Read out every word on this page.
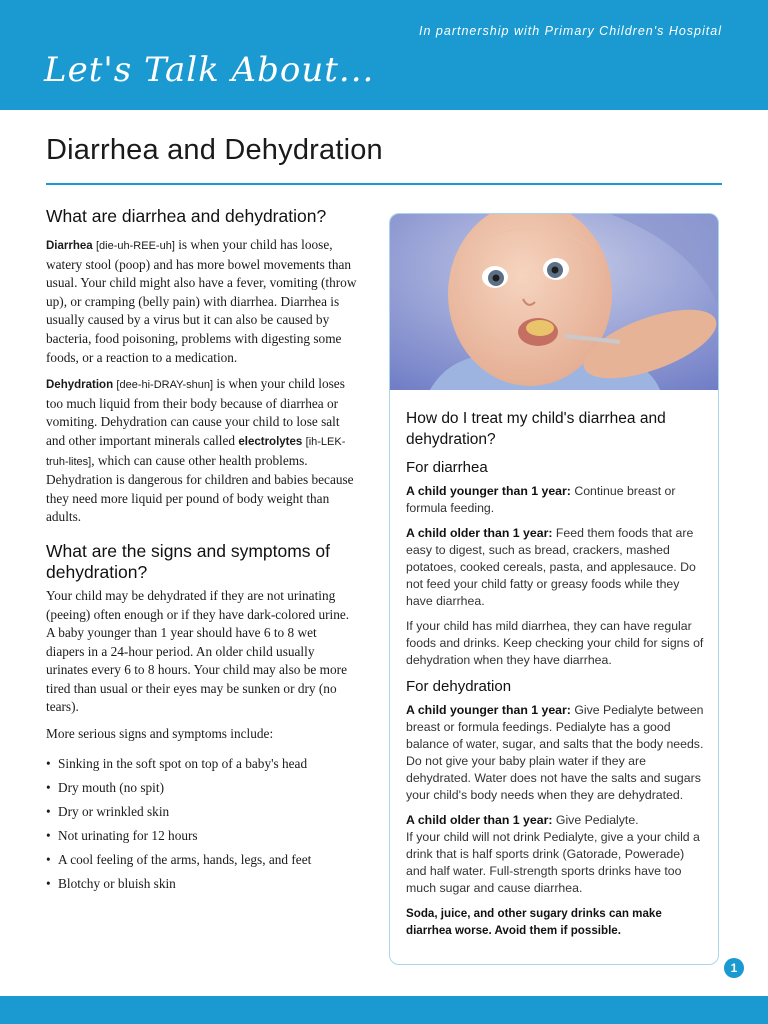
In partnership with Primary Children's Hospital
Let's Talk About...
Diarrhea and Dehydration
What are diarrhea and dehydration?

Diarrhea [die-uh-REE-uh] is when your child has loose, watery stool (poop) and has more bowel movements than usual. Your child might also have a fever, vomiting (throw up), or cramping (belly pain) with diarrhea. Diarrhea is usually caused by a virus but it can also be caused by bacteria, food poisoning, problems with digesting some foods, or a reaction to a medication.

Dehydration [dee-hi-DRAY-shun] is when your child loses too much liquid from their body because of diarrhea or vomiting. Dehydration can cause your child to lose salt and other important minerals called electrolytes [ih-LEK-truh-lites], which can cause other health problems. Dehydration is dangerous for children and babies because they need more liquid per pound of body weight than adults.

What are the signs and symptoms of dehydration?

Your child may be dehydrated if they are not urinating (peeing) often enough or if they have dark-colored urine. A baby younger than 1 year should have 6 to 8 wet diapers in a 24-hour period. An older child usually urinates every 6 to 8 hours. Your child may also be more tired than usual or their eyes may be sunken or dry (no tears).

More serious signs and symptoms include:

• Sinking in the soft spot on top of a baby's head
• Dry mouth (no spit)
• Dry or wrinkled skin
• Not urinating for 12 hours
• A cool feeling of the arms, hands, legs, and feet
• Blotchy or bluish skin
How do I treat my child's diarrhea and dehydration?
For diarrhea

A child younger than 1 year: Continue breast or formula feeding.

A child older than 1 year: Feed them foods that are easy to digest, such as bread, crackers, mashed potatoes, cooked cereals, pasta, and applesauce. Do not feed your child fatty or greasy foods while they have diarrhea.

If your child has mild diarrhea, they can have regular foods and drinks. Keep checking your child for signs of dehydration when they have diarrhea.

For dehydration

A child younger than 1 year: Give Pedialyte between breast or formula feedings. Pedialyte has a good balance of water, sugar, and salts that the body needs. Do not give your baby plain water if they are dehydrated. Water does not have the salts and sugars your child's body needs when they are dehydrated.

A child older than 1 year: Give Pedialyte.
If your child will not drink Pedialyte, give a your child a drink that is half sports drink (Gatorade, Powerade) and half water. Full-strength sports drinks have too much sugar and cause diarrhea.

Soda, juice, and other sugary drinks can make diarrhea worse. Avoid them if possible.

1
